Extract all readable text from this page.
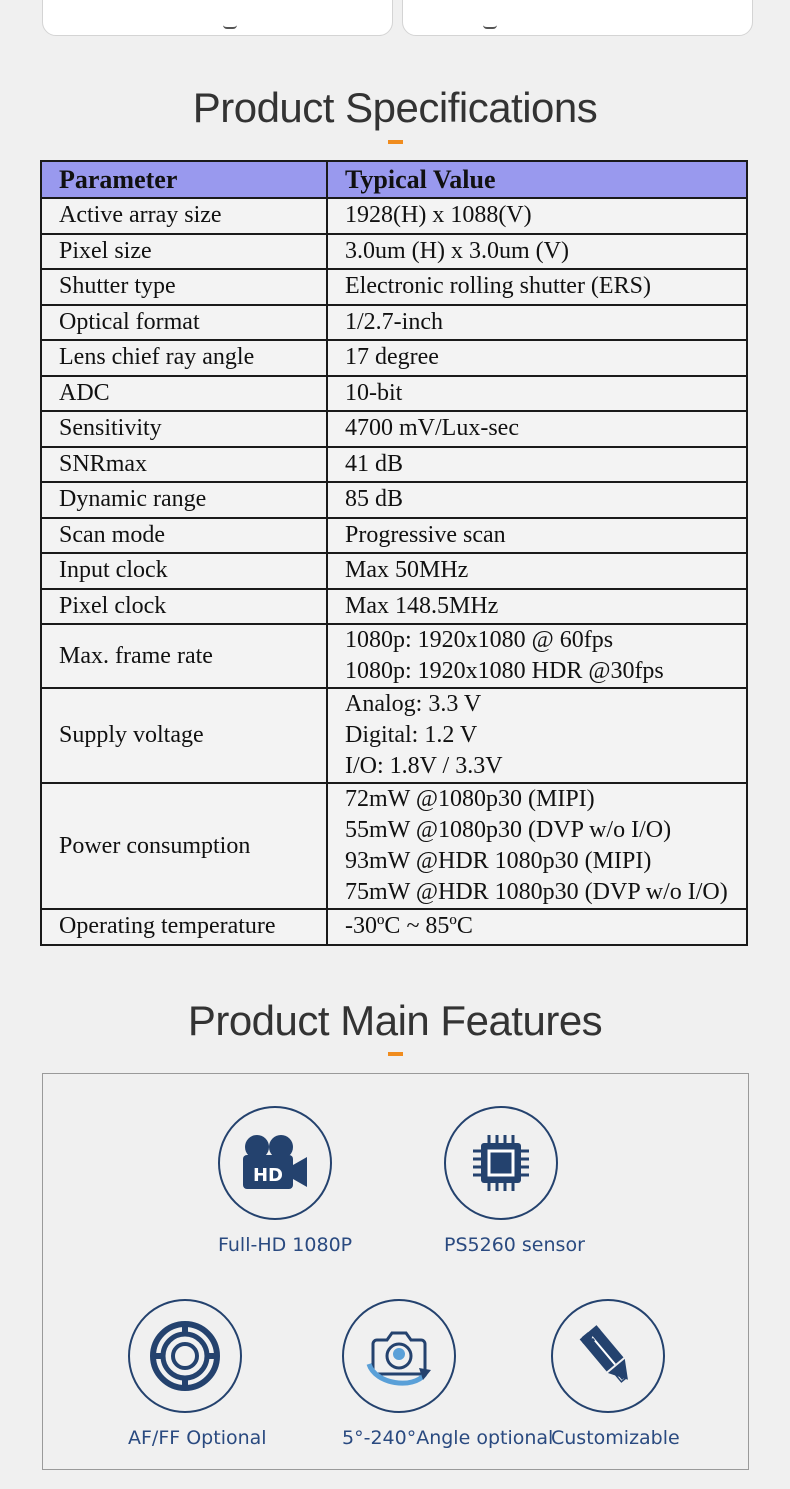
Product Specifications
Parameter	Typical Value
Active array size	1928(H) x 1088(V)
Pixel size	3.0um (H) x 3.0um (V)
Shutter type	Electronic rolling shutter (ERS)
Optical format	1/2.7-inch
Lens chief ray angle	17 degree
ADC	10-bit
Sensitivity	4700 mV/Lux-sec
SNRmax	41 dB
Dynamic range	85 dB
Scan mode	Progressive scan
Input clock	Max 50MHz
Pixel clock	Max 148.5MHz
Max. frame rate	1080p: 1920x1080 @ 60fps
1080p: 1920x1080 HDR @30fps

Supply voltage	Analog: 3.3 V
Digital: 1.2 V
I/O: 1.8V / 3.3V

Power consumption	72mW @1080p30 (MIPI)
55mW @1080p30 (DVP w/o I/O)
93mW @HDR 1080p30 (MIPI)
75mW @HDR 1080p30 (DVP w/o I/O)

Operating temperature	-30ºC ~ 85ºC
Product Main Features
HD
Full-HD 1080P	PS5260 sensor
AF/FF Optional	5°-240°Angle optional
E
E
Customizable
